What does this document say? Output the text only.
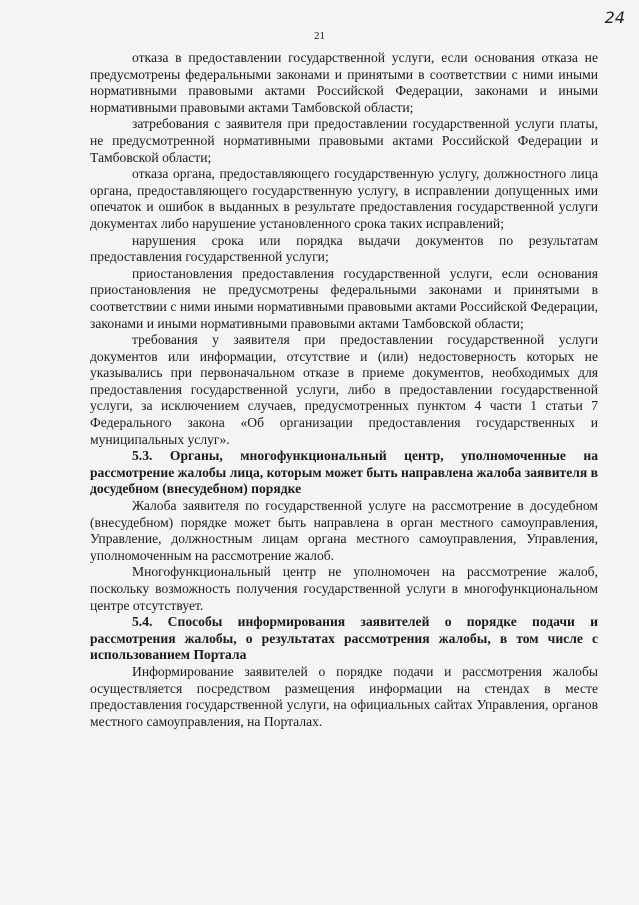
21
24

отказа в предоставлении государственной услуги, если основания отказа не предусмотрены федеральными законами и принятыми в соответствии с ними иными нормативными правовыми актами Российской Федерации, законами и иными нормативными правовыми актами Тамбовской области;

затребования с заявителя при предоставлении государственной услуги платы, не предусмотренной нормативными правовыми актами Российской Федерации и Тамбовской области;

отказа органа, предоставляющего государственную услугу, должностного лица органа, предоставляющего государственную услугу, в исправлении допущенных ими опечаток и ошибок в выданных в результате предоставления государственной услуги документах либо нарушение установленного срока таких исправлений;

нарушения срока или порядка выдачи документов по результатам предоставления государственной услуги;

приостановления предоставления государственной услуги, если основания приостановления не предусмотрены федеральными законами и принятыми в соответствии с ними иными нормативными правовыми актами Российской Федерации, законами и иными нормативными правовыми актами Тамбовской области;

требования у заявителя при предоставлении государственной услуги документов или информации, отсутствие и (или) недостоверность которых не указывались при первоначальном отказе в приеме документов, необходимых для предоставления государственной услуги, либо в предоставлении государственной услуги, за исключением случаев, предусмотренных пунктом 4 части 1 статьи 7 Федерального закона «Об организации предоставления государственных и муниципальных услуг».

5.3. Органы, многофункциональный центр, уполномоченные на рассмотрение жалобы лица, которым может быть направлена жалоба заявителя в досудебном (внесудебном) порядке

Жалоба заявителя по государственной услуге на рассмотрение в досудебном (внесудебном) порядке может быть направлена в орган местного самоуправления, Управление, должностным лицам органа местного самоуправления, Управления, уполномоченным на рассмотрение жалоб.

Многофункциональный центр не уполномочен на рассмотрение жалоб, поскольку возможность получения государственной услуги в многофункциональном центре отсутствует.

5.4. Способы информирования заявителей о порядке подачи и рассмотрения жалобы, о результатах рассмотрения жалобы, в том числе с использованием Портала

Информирование заявителей о порядке подачи и рассмотрения жалобы осуществляется посредством размещения информации на стендах в месте предоставления государственной услуги, на официальных сайтах Управления, органов местного самоуправления, на Порталах.
